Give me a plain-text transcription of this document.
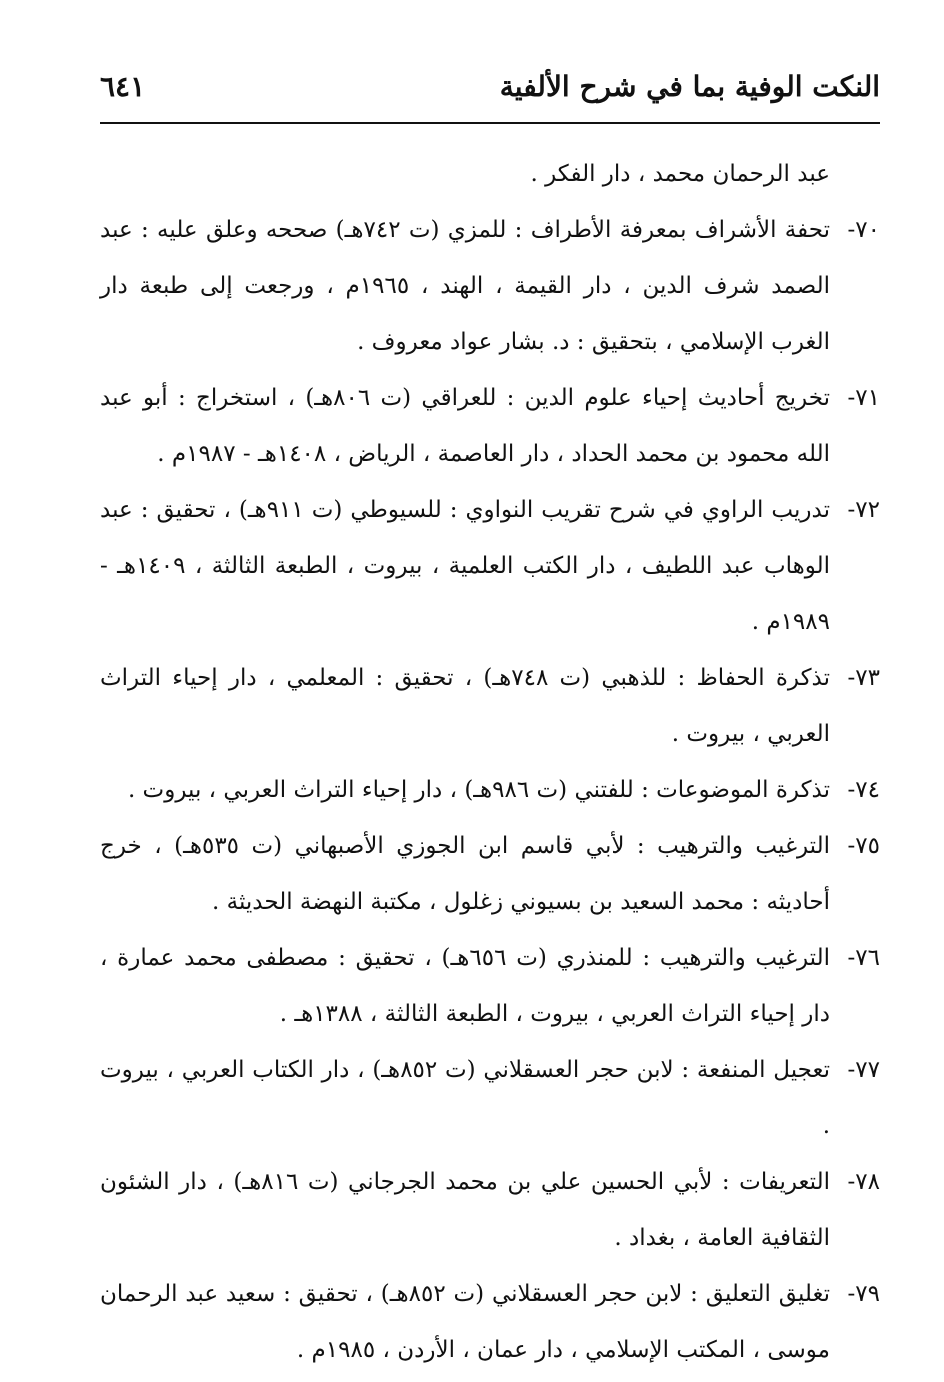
النكت الوفية بما في شرح الألفية
٦٤١

عبد الرحمان محمد ، دار الفكر .

٧٠-تحفة الأشراف بمعرفة الأطراف : للمزي (ت ٧٤٢هـ) صححه وعلق عليه : عبد الصمد شرف الدين ، دار القيمة ، الهند ، ١٩٦٥م ، ورجعت إلى طبعة دار الغرب الإسلامي ، بتحقيق : د. بشار عواد معروف .

٧١-تخريج أحاديث إحياء علوم الدين : للعراقي (ت ٨٠٦هـ) ، استخراج : أبو عبد الله محمود بن محمد الحداد ، دار العاصمة ، الرياض ، ١٤٠٨هـ - ١٩٨٧م .

٧٢-تدريب الراوي في شرح تقريب النواوي : للسيوطي (ت ٩١١هـ) ، تحقيق : عبد الوهاب عبد اللطيف ، دار الكتب العلمية ، بيروت ، الطبعة الثالثة ، ١٤٠٩هـ - ١٩٨٩م .

٧٣-تذكرة الحفاظ : للذهبي (ت ٧٤٨هـ) ، تحقيق : المعلمي ، دار إحياء التراث العربي ، بيروت .

٧٤-تذكرة الموضوعات : للفتني (ت ٩٨٦هـ) ، دار إحياء التراث العربي ، بيروت .

٧٥-الترغيب والترهيب : لأبي قاسم ابن الجوزي الأصبهاني (ت ٥٣٥هـ) ، خرج أحاديثه : محمد السعيد بن بسيوني زغلول ، مكتبة النهضة الحديثة .

٧٦-الترغيب والترهيب : للمنذري (ت ٦٥٦هـ) ، تحقيق : مصطفى محمد عمارة ، دار إحياء التراث العربي ، بيروت ، الطبعة الثالثة ، ١٣٨٨هـ .

٧٧-تعجيل المنفعة : لابن حجر العسقلاني (ت ٨٥٢هـ) ، دار الكتاب العربي ، بيروت .

٧٨-التعريفات : لأبي الحسين علي بن محمد الجرجاني (ت ٨١٦هـ) ، دار الشئون الثقافية العامة ، بغداد .

٧٩-تغليق التعليق : لابن حجر العسقلاني (ت ٨٥٢هـ) ، تحقيق : سعيد عبد الرحمان موسى ، المكتب الإسلامي ، دار عمان ، الأردن ، ١٩٨٥م .
